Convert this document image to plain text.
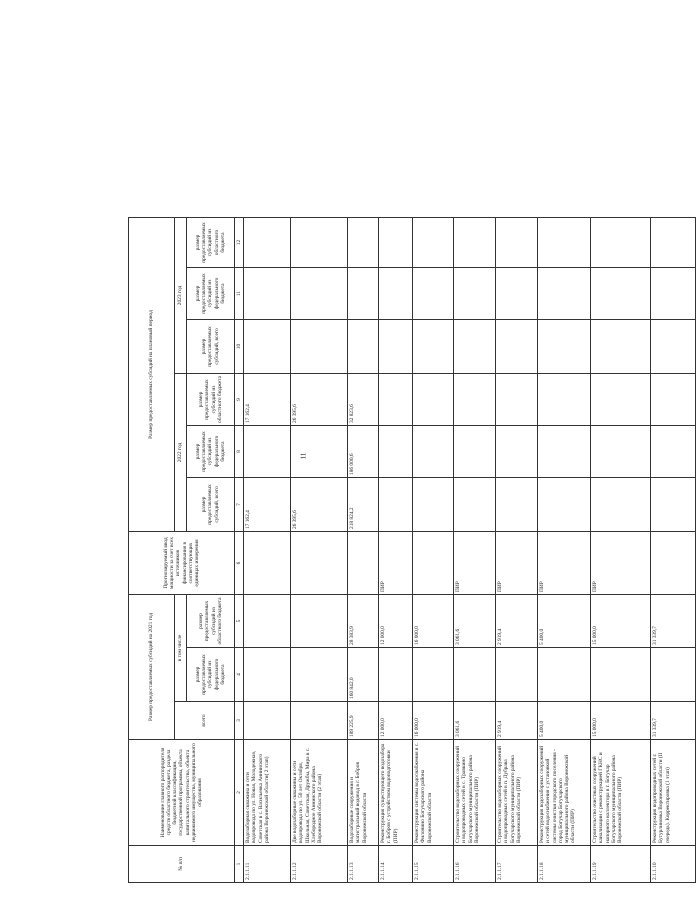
11
№ п/п	Наименование главного распорядителя средств областного бюджета, раздела бюджетной классификации, государственной программы, объекта капитального строительства, объекта недвижимого имущества, муниципального образования	Размер предоставляемых субсидий на 2021 год			Прогнозируемый ввод мощности за счет всех источников финансирования в соответствующих единицах измерения	Размер предоставляемых субсидий на плановый период					
		всего	в том числе			2022 год			2023 год		
			размер предоставляемых субсидий из федерального бюджета	размер предоставляемых субсидий из областного бюджета		размер предоставляемых субсидий, всего	размер предоставляемых субсидий из федерального бюджета	размер предоставляемых субсидий из областного бюджета	размер предоставляемых субсидий, всего	размер предоставляемых субсидий из федерального бюджета	размер предоставляемых субсидий из областного бюджета
1	2	3	4	5	6	7	8	9	10	11	12
2.1.1.11	Водозаборная скважина и сети водопровода по ул. Новая, Молодежная, Советская в с. Васильевка Аннинского района Воронежской области( 2 этап)					17 162,4		17 162,4			
2.1.1.12	Две водозаборные скважины и сети водопровода по ул. 50 лет Октября, Школьная, Советская, Дружбы, Мира в с. Хлебородное Аннинского района Воронежской области (2 этап)					26 395,6		26 395,6			
2.1.1.13	Водозаборные сооружения и магистральный водовод в г. Бобров Воронежской области	189 225,9	160 842,0	28 383,9		218 824,2	186 000,6	32 823,6			
2.1.1.14	Реконструкция существующего водозабора г. Бобров с устройством водоподготовки (ПИР)	12 000,0		12 000,0	ПИР						
2.1.1.15	Реконструкция системы водоснабжения в с. Филонино Богучарского района Воронежской области	16 000,0		16 000,0							
2.1.1.16	Строительство водозаборных сооружений и водопроводных сетей в с. Травкино Богучарского муниципального района Воронежской области (ПИР)	3 061,6		3 061,6	ПИР						
2.1.1.17	Строительство водозаборных сооружений и водопроводных сетей в п. Дубрава Богучарского муниципального района Воронежской области (ПИР)	2 919,4		2 919,4	ПИР						
2.1.1.18	Реконструкция водозаборных сооружений и сетей водоснабжения с установкой системы очистки городского поселения - город Богучар Богучарского муниципального района Воронежской области (ПИР)	5 400,0		5 400,0	ПИР						
2.1.1.19	Строительство очистных сооружений канализации с реконструкцией ГКНС и напорного коллектора в г. Богучар Богучарского муниципального района Воронежской области (ПИР)	15 000,0		15 000,0	ПИР						
2.1.1.10	Реконструкция водопроводных сетей г. Бутурлиновка Воронежской области (II очередь). Корректировка (1 этап)	31 339,7		31 339,7							
